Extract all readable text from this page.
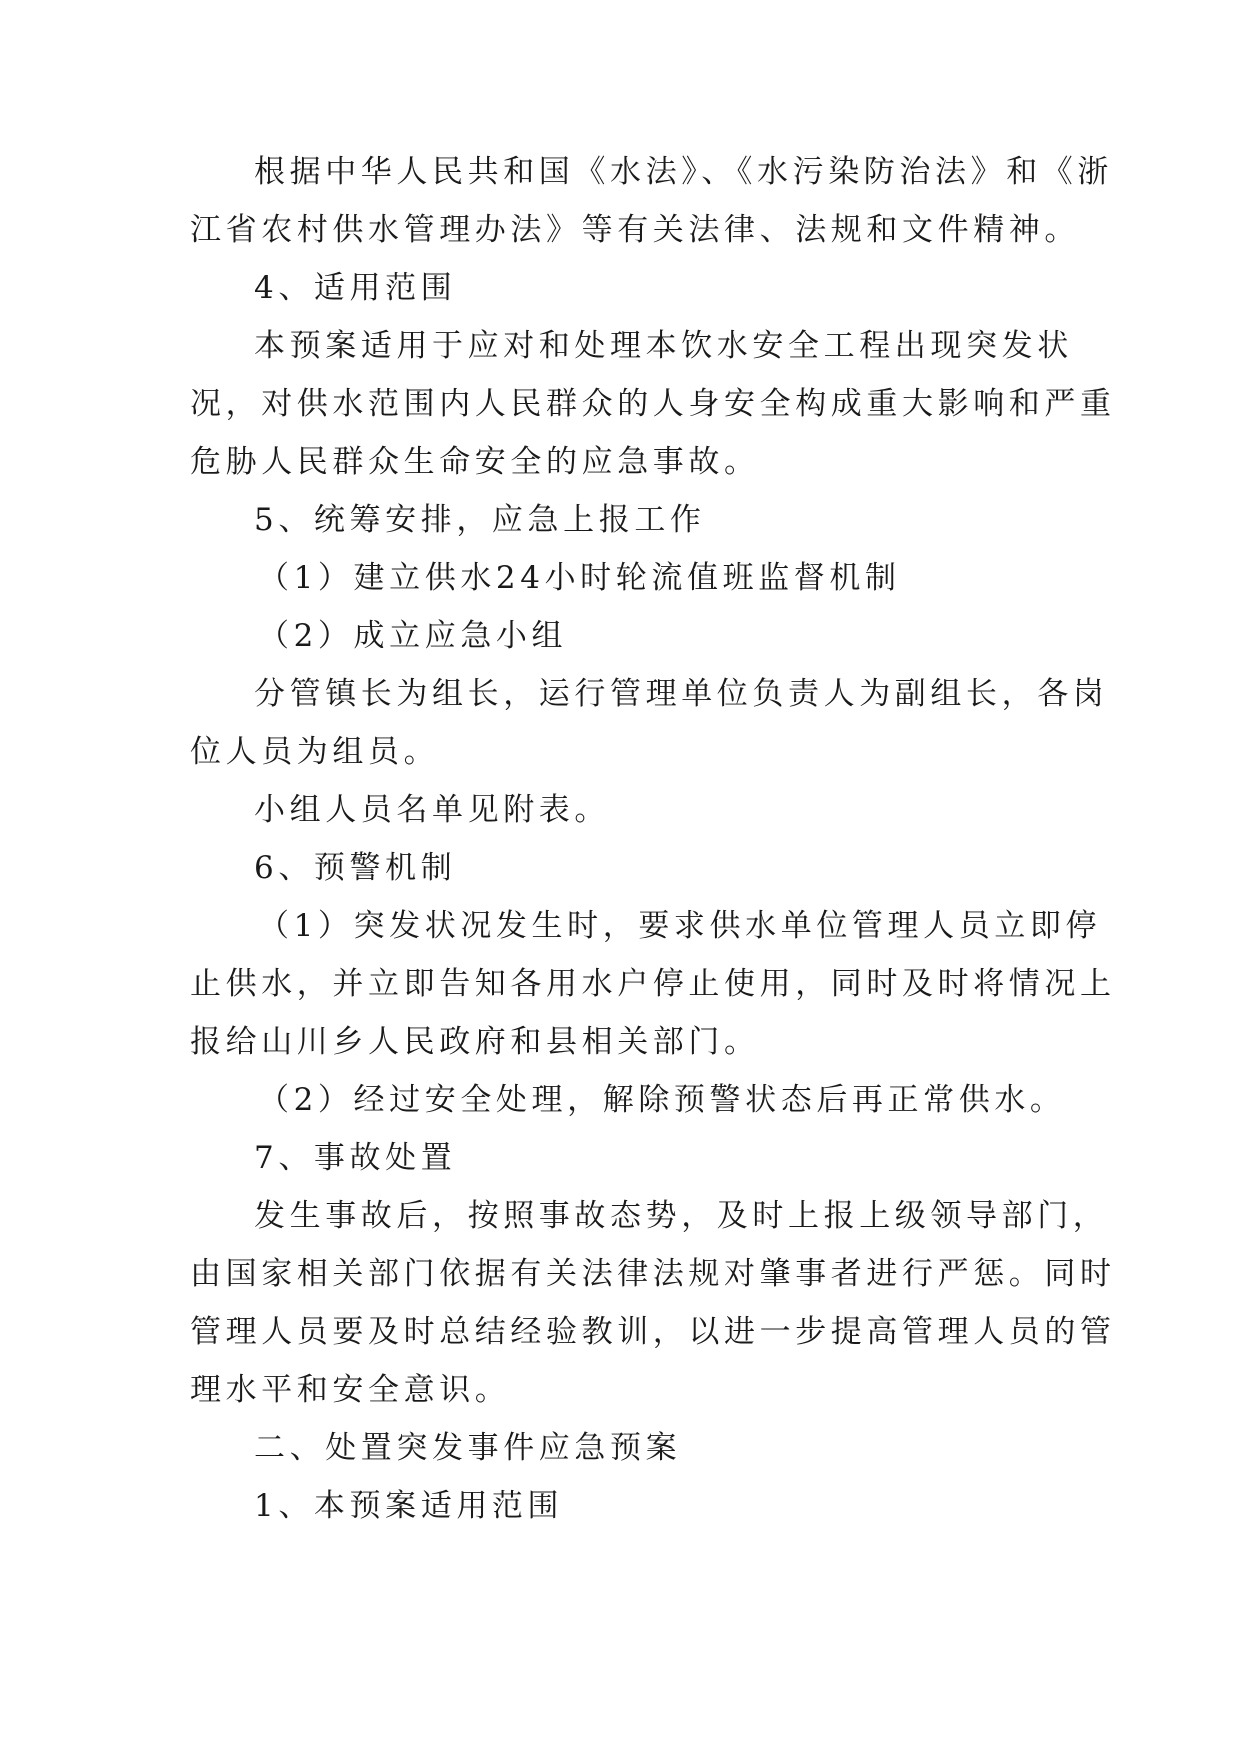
根据中华人民共和国《水法》、《水污染防治法》和《浙
江省农村供水管理办法》等有关法律、法规和文件精神。
4、适用范围
本预案适用于应对和处理本饮水安全工程出现突发状
况，对供水范围内人民群众的人身安全构成重大影响和严重
危胁人民群众生命安全的应急事故。
5、统筹安排，应急上报工作
（1）建立供水24小时轮流值班监督机制
（2）成立应急小组
分管镇长为组长，运行管理单位负责人为副组长，各岗
位人员为组员。
小组人员名单见附表。
6、预警机制
（1）突发状况发生时，要求供水单位管理人员立即停
止供水，并立即告知各用水户停止使用，同时及时将情况上
报给山川乡人民政府和县相关部门。
（2）经过安全处理，解除预警状态后再正常供水。
7、事故处置
发生事故后，按照事故态势，及时上报上级领导部门，
由国家相关部门依据有关法律法规对肇事者进行严惩。同时
管理人员要及时总结经验教训，以进一步提高管理人员的管
理水平和安全意识。
二、处置突发事件应急预案
1、本预案适用范围
